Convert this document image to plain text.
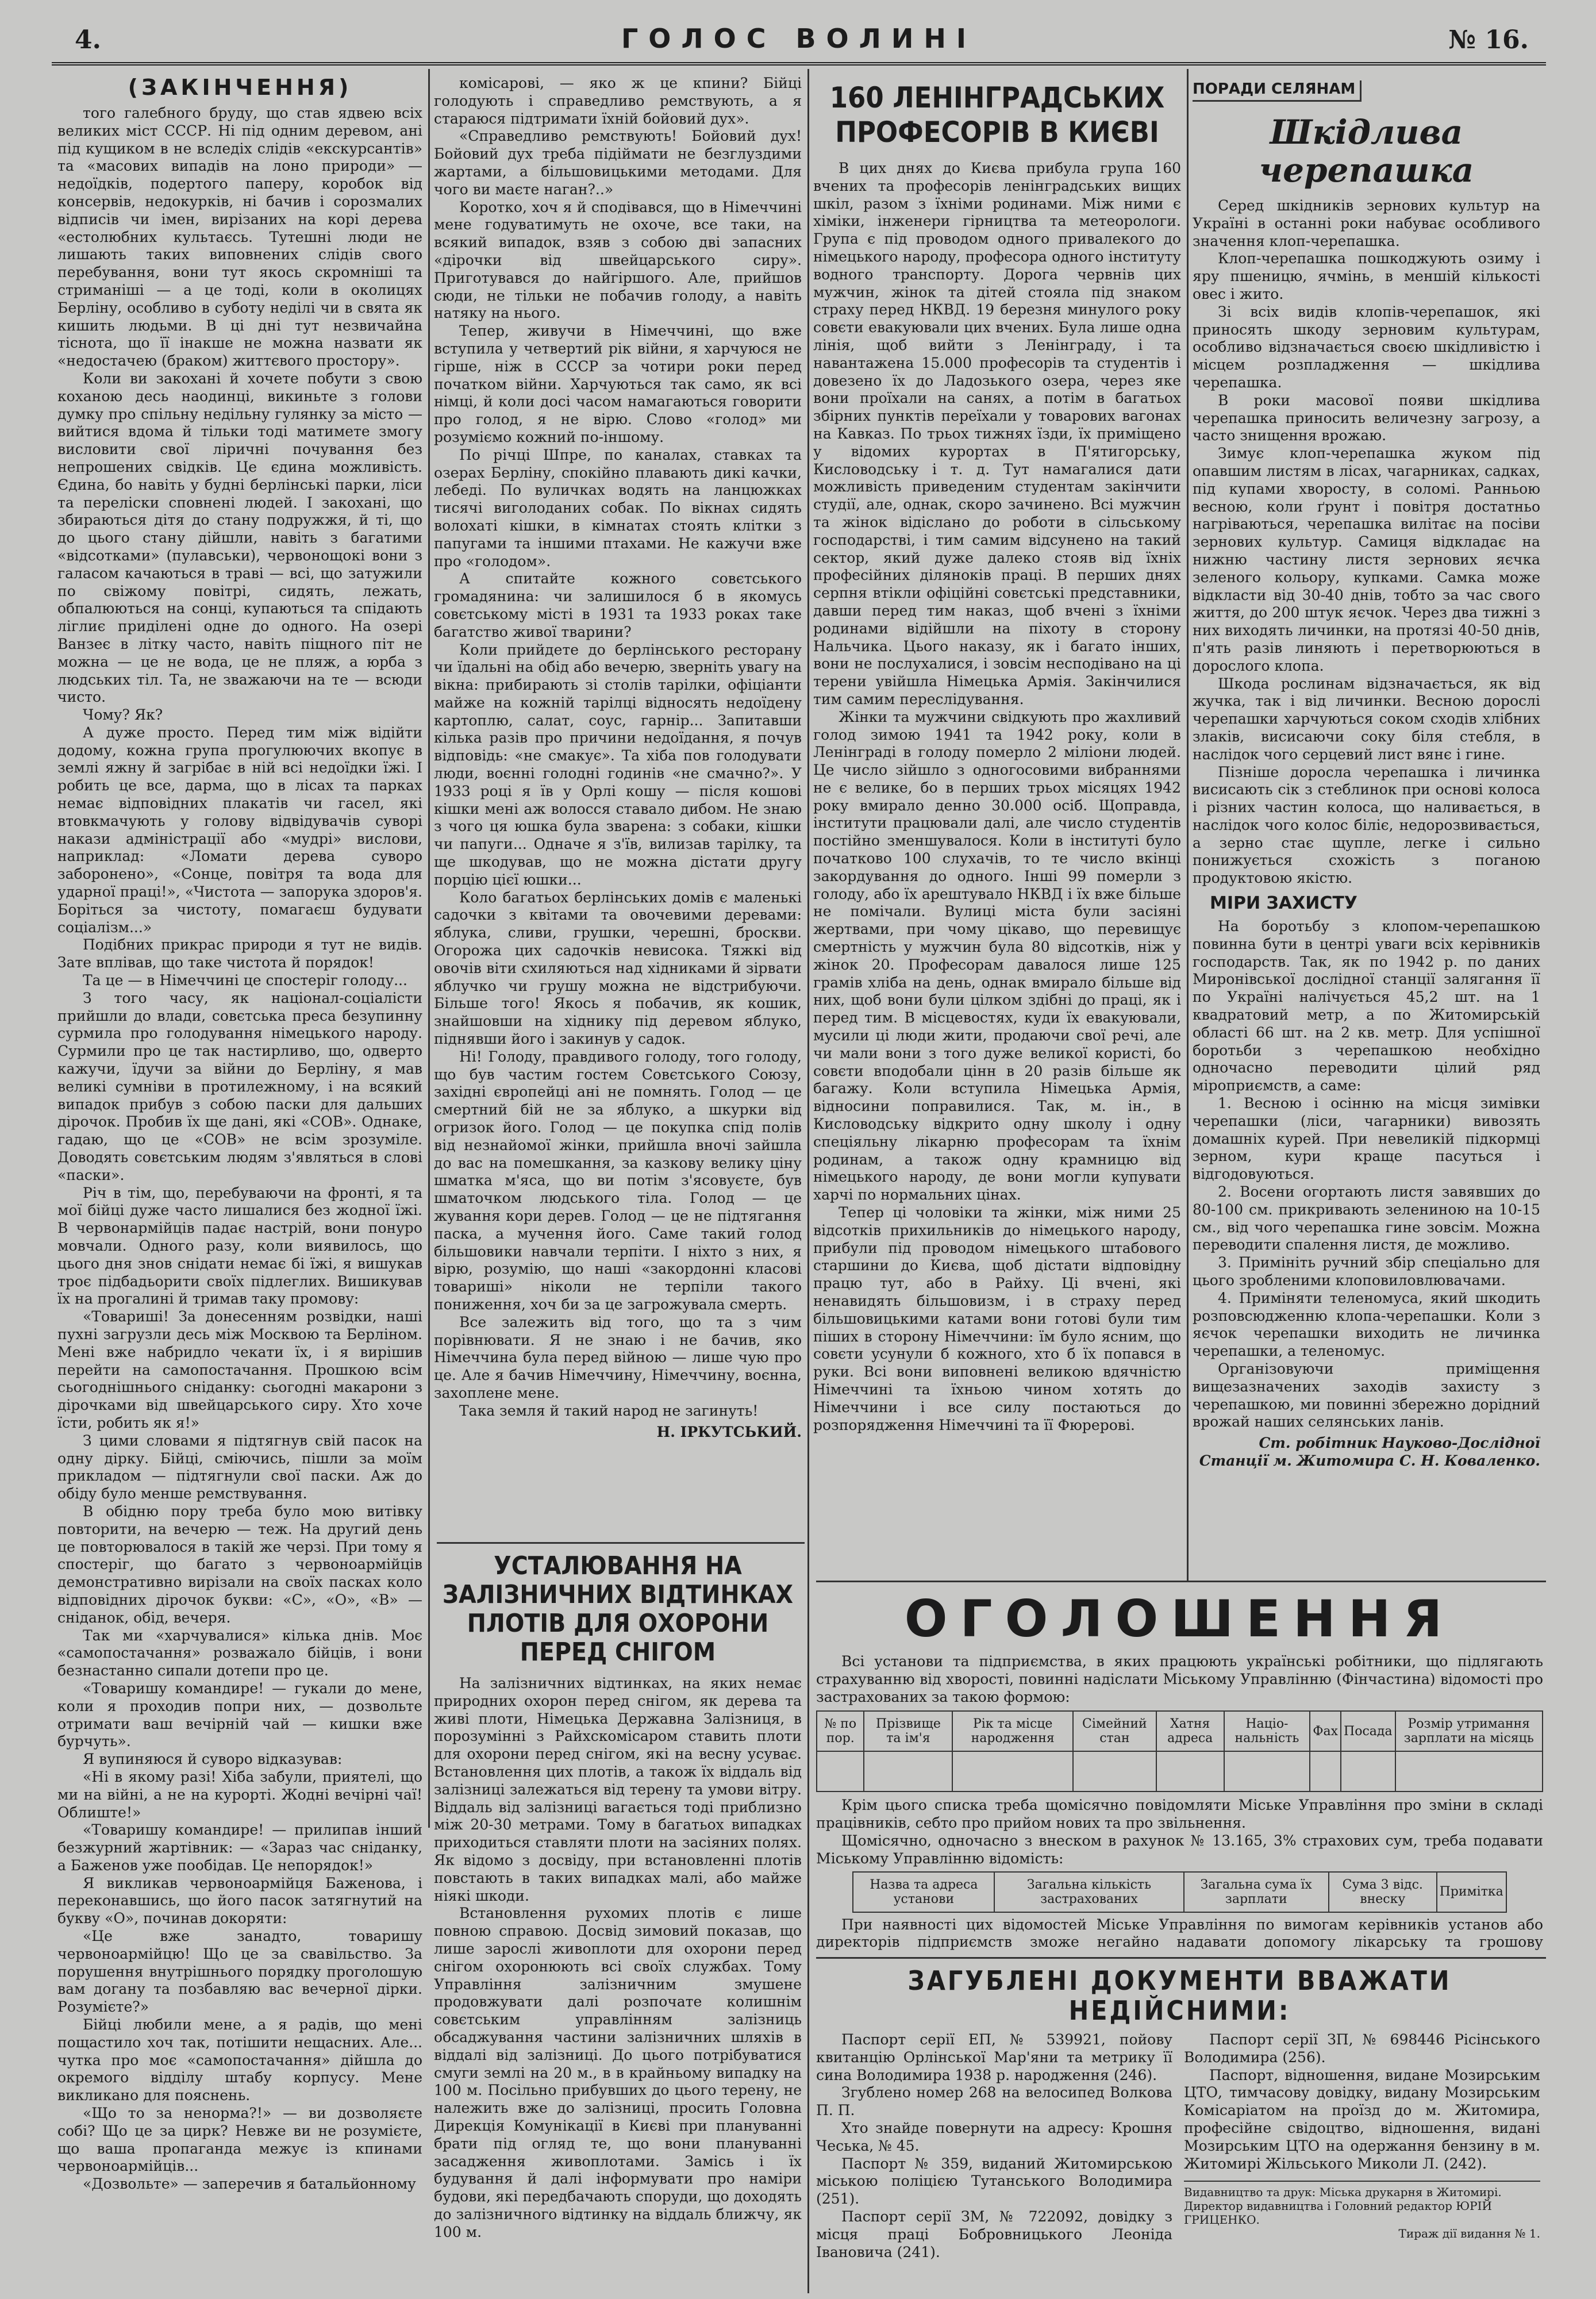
4.	ГОЛОС ВОЛИНІ	№ 16.
(ЗАКІНЧЕННЯ)

того галебного бруду, що став ядвею всіх великих міст СССР. Ні під одним деревом, ані під кущиком в не вследіх слідів «екскурсантів» та «масових випадів на лоно природи» — недоїдків, подертого паперу, коробок від консервів, недокурків, ні бачив і сорозмалих відписів чи імен, вирізаних на корі дерева «естолюбних культаєсь. Тутешні люди не лишають таких виповнених слідів свого перебування, вони тут якось скромніші та стриманіші — а це тоді, коли в околицях Берліну, особливо в суботу неділі чи в свята як кишить людьми. В ці дні тут незвичайна тіснота, що її інакше не можна назвати як «недостачею (браком) життєвого простору».

Коли ви закохані й хочете побути з свою коханою десь наодинці, викиньте з голови думку про спільну недільну гулянку за місто — вийтися вдома й тільки тоді матимете змогу висловити свої ліричні почування без непрошених свідків. Це єдина можливість. Єдина, бо навіть у будні берлінські парки, ліси та переліски сповнені людей. І закохані, що збираються дітя до стану подружжя, й ті, що до цього стану дійшли, навіть з багатими «відсотками» (пулавськи), червонощокі вони з галасом качаються в траві — всі, що затужили по свіжому повітрі, сидять, лежать, обпалюються на сонці, купаються та спідають ліглиє приділені одне до одного. На озері Ванзеє в літку часто, навіть піщного піт не можна — це не вода, це не пляж, а юрба з людських тіл. Та, не зважаючи на те — всюди чисто.

Чому? Як?

А дуже просто. Перед тим між відійти додому, кожна група прогулюючих вкопує в землі яжну й загрібає в ній всі недоїдки їжі. І робить це все, дарма, що в лісах та парках немає відповідних плакатів чи гасел, які втовкмачують у голову відвідувачів суворі накази адміністрації або «мудрі» вислови, наприклад: «Ломати дерева суворо заборонено», «Сонце, повітря та вода для ударної праці!», «Чистота — запорука здоров'я. Боріться за чистоту, помагаєш будувати соціалізм...»

Подібних прикрас природи я тут не видів. Зате вплівав, що таке чистота й порядок!

Та це — в Німеччині це спостеріг голоду...

З того часу, як націонал-соціалісти прийшли до влади, совєтська преса безупинну сурмила про голодування німецького народу. Сурмили про це так настирливо, що, одверто кажучи, їдучи за війни до Берліну, я мав великі сумніви в протилежному, і на всякий випадок прибув з собою паски для дальших дірочок. Пробив їх ще дані, які «СОВ». Однаке, гадаю, що це «СОВ» не всім зрозуміле. Доводять совєтським людям з'являться в слові «паски».

Річ в тім, що, перебуваючи на фронті, я та мої бійці дуже часто лишалися без жодної їжі. В червонармійців падає настрій, вони понуро мовчали. Одного разу, коли виявилось, що цього дня знов снідати немає бі їжі, я вишукав троє підбадьорити своїх підлеглих. Вишикував їх на прогалині й тримав таку промову:

«Товариші! За донесенням розвідки, наші пухні загрузли десь між Москвою та Берліном. Мені вже набридло чекати їх, і я вирішив перейти на самопостачання. Прошкою всім сьогоднішнього сніданку: сьогодні макарони з дірочками від швейцарського сиру. Хто хоче їсти, робить як я!»

З цими словами я підтягнув свій пасок на одну дірку. Бійці, сміючись, пішли за моїм прикладом — підтягнули свої паски. Аж до обіду було менше ремствування.

В обідню пору треба було мою витівку повторити, на вечерю — теж. На другий день це повторювалося в такій же черзі. При тому я спостеріг, що багато з червоноармійців демонстративно вирізали на своїх пасках коло відповідних дірочок букви: «С», «О», «В» — сніданок, обід, вечеря.

Так ми «харчувалися» кілька днів. Моє «самопостачання» розважало бійців, і вони безнастанно сипали дотепи про це.

«Товаришу командире! — гукали до мене, коли я проходив попри них, — дозвольте отримати ваш вечірній чай — кишки вже бурчуть».

Я вупиняюся й суворо відказував:

«Ні в якому разі! Хіба забули, приятелі, що ми на війні, а не на курорті. Жодні вечірні чаї! Облиште!»

«Товаришу командире! — прилипав інший безжурний жартівник: — «Зараз час сніданку, а Баженов уже пообідав. Це непорядок!»

Я викликав червоноармійця Баженова, і переконавшись, що його пасок затягнутий на букву «О», починав докоряти:

«Це вже занадто, товаришу червоноармійцю! Що це за свавільство. За порушення внутрішнього порядку проголошую вам догану та позбавляю вас вечерної дірки. Розумієте?»

Бійці любили мене, а я радів, що мені пощастило хоч так, потішити нещасних. Але... чутка про моє «самопостачання» дійшла до окремого відділу штабу корпусу. Мене викликано для пояснень.

«Що то за ненорма?!» — ви дозволяєте собі? Що це за цирк? Невже ви не розумієте, що ваша пропаганда межує із кпинами червоноармійців...

«Дозвольте» — заперечив я батальйонному

комісарові, — яко ж це кпини? Бійці голодують і справедливо ремствують, а я стараюся підтримати їхній бойовий дух».

«Справедливо ремствують! Бойовий дух! Бойовий дух треба підіймати не безглуздими жартами, а більшовицькими методами. Для чого ви маєте наган?..»

Коротко, хоч я й сподівався, що в Німеччині мене годуватимуть не охоче, все таки, на всякий випадок, взяв з собою дві запасних «дірочки від швейцарського сиру». Приготувався до найгіршого. Але, прийшов сюди, не тільки не побачив голоду, а навіть натяку на нього.

Тепер, живучи в Німеччині, що вже вступила у четвертий рік війни, я харчуюся не гірше, ніж в СССР за чотири роки перед початком війни. Харчуються так само, як всі німці, й коли досі часом намагаються говорити про голод, я не вірю. Слово «голод» ми розуміємо кожний по-іншому.

По річці Шпре, по каналах, ставках та озерах Берліну, спокійно плавають дикі качки, лебеді. По вуличках водять на ланцюжках тисячі виголоданих собак. По вікнах сидять волохаті кішки, в кімнатах стоять клітки з папугами та іншими птахами. Не кажучи вже про «голодом».

А спитайте кожного совєтського громадянина: чи залишилося б в якомусь совєтському місті в 1931 та 1933 роках таке багатство живої тварини?

Коли прийдете до берлінського ресторану чи їдальні на обід або вечерю, зверніть увагу на вікна: прибирають зі столів тарілки, офіціанти майже на кожній тарілці відносять недоїдену картоплю, салат, соус, гарнір... Запитавши кілька разів про причини недоїдання, я почув відповідь: «не смакує». Та хіба пов голодувати люди, воєнні голодні годинів «не смачно?». У 1933 році я їв у Орлі кошу — після кошові кішки мені аж волосся ставало дибом. Не знаю з чого ця юшка була зварена: з собаки, кішки чи папуги... Одначе я з'їв, вилизав тарілку, та ще шкодував, що не можна дістати другу порцію цієї юшки...

Коло багатьох берлінських домів є маленькі садочки з квітами та овочевими деревами: яблука, сливи, грушки, черешні, броскви. Огорожа цих садочків невисока. Тяжкі від овочів віти схиляються над хідниками й зірвати яблучко чи грушу можна не відстрибуючи. Більше того! Якось я побачив, як кошик, знайшовши на хіднику під деревом яблуко, піднявши його і закинув у садок.

Ні! Голоду, правдивого голоду, того голоду, що був частим гостем Совєтського Союзу, західні європейці ані не помнять. Голод — це смертний бій не за яблуко, а шкурки від огризок його. Голод — це покупка спід полів від незнайомої жінки, прийшла вночі зайшла до вас на помешкання, за казкову велику ціну шматка м'яса, що ви потім з'ясовуєте, був шматочком людського тіла. Голод — це жування кори дерев. Голод — це не підтягання паска, а мучення його. Саме такий голод більшовики навчали терпіти. І ніхто з них, я вірю, розумію, що наші «закордонні класові товариші» ніколи не терпіли такого пониження, хоч би за це загрожувала смерть.

Все залежить від того, що та з чим порівнювати. Я не знаю і не бачив, яко Німеччина була перед війною — лише чую про це. Але я бачив Німеччину, Німеччину, воєнна, захоплене мене.

Така земля й такий народ не загинуть!

Н. ІРКУТСЬКИЙ.
УСТАЛЮВАННЯ НА ЗАЛІЗНИЧНИХ ВІДТИНКАХ ПЛОТІВ ДЛЯ ОХОРОНИ ПЕРЕД СНІГОМ

На залізничних відтинках, на яких немає природних охорон перед снігом, як дерева та живі плоти, Німецька Державна Залізниця, в порозумінні з Райхскомісаром ставить плоти для охорони перед снігом, які на весну усуває. Встановлення цих плотів, а також їх віддаль від залізниці залежаться від терену та умови вітру. Віддаль від залізниці вагається тоді приблизно між 20-30 метрами. Тому в багатьох випадках приходиться ставляти плоти на засіяних полях. Як відомо з досвіду, при встановленні плотів повстають в таких випадках малі, або майже ніякі шкоди.

Встановлення рухомих плотів є лише повною справою. Досвід зимовий показав, що лише зарослі живоплоти для охорони перед снігом охоронюють всі своїх службах. Тому Управління залізничним змушене продовжувати далі розпочате колишнім совєтським управлінням залізниць обсаджування частини залізничних шляхів в віддалі від залізниці. До цього потрібуватися смуги землі на 20 м., в в крайньому випадку на 100 м. Посільно прибувших до цього терену, не належить вже до залізниці, просить Головна Дирекція Комунікації в Києві при плануванні брати під огляд те, що вони плануванні засадження живоплотами. Замісь і їх будування й далі інформувати про наміри будови, які передбачають споруди, що доходять до залізничного відтинку на віддаль ближчу, як 100 м.

160 ЛЕНІНГРАДСЬКИХ ПРОФЕСОРІВ В КИЄВІ

В цих днях до Києва прибула група 160 вчених та професорів ленінградських вищих шкіл, разом з їхніми родинами. Між ними є хіміки, інженери гірництва та метеорологи. Група є під проводом одного привалекого до німецького народу, професора одного інституту водного транспорту. Дорога червнів цих мужчин, жінок та дітей стояла під знаком страху перед НКВД. 19 березня минулого року совєти евакуювали цих вчених. Була лише одна лінія, щоб вийти з Ленінграду, і та навантажена 15.000 професорів та студентів і довезено їх до Ладозького озера, через яке вони проїхали на санях, а потім в багатьох збірних пунктів переїхали у товарових вагонах на Кавказ. По трьох тижнях їзди, їх приміщено у відомих курортах в П'ятигорську, Кисловодську і т. д. Тут намагалися дати можливість приведеним студентам закінчити студії, але, однак, скоро зачинено. Всі мужчин та жінок відіслано до роботи в сільському господарстві, і тим самим відсунено на такий сектор, який дуже далеко стояв від їхніх професійних діляноків праці. В перших днях серпня втікли офіційні совєтські представники, давши перед тим наказ, щоб вчені з їхніми родинами відійшли на піхоту в сторону Нальчика. Цього наказу, як і багато інших, вони не послухалися, і зовсім несподівано на ці терени увійшла Німецька Армія. Закінчилися тим самим переслідування.

Жінки та мужчини свідкують про жахливий голод зимою 1941 та 1942 року, коли в Ленінграді в голоду померло 2 міліони людей. Це число зійшло з одногосовими вибраннями не є велике, бо в перших трьох місяцях 1942 року вмирало денно 30.000 осіб. Щоправда, інститути працювали далі, але число студентів постійно зменшувалося. Коли в інституті було початково 100 слухачів, то те число вкінці закордування до одного. Інші 99 померли з голоду, або їх арештувало НКВД і їх вже більше не помічали. Вулиці міста були засіяні жертвами, при чому цікаво, що перевищує смертність у мужчин була 80 відсотків, ніж у жінок 20. Професорам давалося лише 125 грамів хліба на день, однак вмирало більше від них, щоб вони були цілком здібні до праці, як і перед тим. В місцевостях, куди їх евакуювали, мусили ці люди жити, продаючи свої речі, але чи мали вони з того дуже великої користі, бо совєти вподобали цінн в 20 разів більше як багажу. Коли вступила Німецька Армія, відносини поправилися. Так, м. ін., в Кисловодську відкрито одну школу і одну спеціяльну лікарню професорам та їхнім родинам, а також одну крамницю від німецького народу, де вони могли купувати харчі по нормальних цінах.

Тепер ці чоловіки та жінки, між ними 25 відсотків прихильників до німецького народу, прибули під проводом німецького штабового старшини до Києва, щоб дістати відповідну працю тут, або в Райху. Ці вчені, які ненавидять більшовизм, і в страху перед більшовицькими катами вони готові були тим піших в сторону Німеччини: їм було ясним, що совєти усунули б кожного, хто б їх попався в руки. Всі вони виповнені великою вдячністю Німеччині та їхньою чином хотять до Німеччини і все силу постаються до розпорядження Німеччині та її Фюрерові.

ПОРАДИ СЕЛЯНАМ
Шкідлива черепашка

Серед шкідників зернових культур на Україні в останні роки набуває особливого значення клоп-черепашка.

Клоп-черепашка пошкоджують озиму і яру пшеницю, ячмінь, в меншій кількості овес і жито.

Зі всіх видів клопів-черепашок, які приносять шкоду зерновим культурам, особливо відзначається своєю шкідливістю і місцем розпладження — шкідлива черепашка.

В роки масової появи шкідлива черепашка приносить величезну загрозу, а часто знищення врожаю.

Зимує клоп-черепашка жуком під опавшим листям в лісах, чагарниках, садках, під купами хворосту, в соломі. Ранньою весною, коли ґрунт і повітря достатньо нагріваються, черепашка вилітає на посіви зернових культур. Самиця відкладає на нижню частину листя зернових яєчка зеленого кольору, купками. Самка може відкласти від 30-40 днів, тобто за час свого життя, до 200 штук яєчок. Через два тижні з них виходять личинки, на протязі 40-50 днів, п'ять разів линяють і перетворюються в дорослого клопа.

Шкода рослинам відзначається, як від жучка, так і від личинки. Весною дорослі черепашки харчуються соком сходів хлібних злаків, висисаючи соку біля стебля, в наслідок чого серцевий лист вянє і гине.

Пізніше доросла черепашка і личинка висисають сік з стеблинок при основі колоса і різних частин колоса, що наливається, в наслідок чого колос біліє, недорозвивається, а зерно стає щупле, легке і сильно понижується схожість з поганою продуктовою якістю.

МІРИ ЗАХИСТУ

На боротьбу з клопом-черепашкою повинна бути в центрі уваги всіх керівників господарств. Так, як по 1942 р. по даних Миронівської дослідної станції залягання її по Україні налічується 45,2 шт. на 1 квадратовий метр, а по Житомирській області 66 шт. на 2 кв. метр. Для успішної боротьби з черепашкою необхідно одночасно переводити цілий ряд міроприємств, а саме:

1. Весною і осінню на місця зимівки черепашки (ліси, чагарники) вивозять домашніх курей. При невеликій підкормці зерном, кури краще пасуться і відгодовуються.

2. Восени огортають листя завявших до 80-100 см. прикривають зелениною на 10-15 см., від чого черепашка гине зовсім. Можна переводити спалення листя, де можливо.

3. Примініть ручний збір спеціально для цього зробленими клоповиловлювачами.

4. Приміняти теленомуса, який шкодить розповсюдженню клопа-черепашки. Коли з яєчок черепашки виходить не личинка черепашки, а теленомус.

Організовуючи приміщення вищезазначених заходів захисту з черепашкою, ми повинні збережно дорідний врожай наших селянських ланів.

Ст. робітник Науково-Дослідної Станції м. Житомира С. Н. Коваленко.
ОГОЛОШЕННЯ

Всі установи та підприємства, в яких працюють українські робітники, що підлягають страхуванню від хворості, повинні надіслати Міському Управлінню (Фінчастина) відомості про застрахованих за такою формою:

№ по пор.	Прізвище та ім'я	Рік та місце народження	Сімейний стан	Хатня адреса	Націо-нальність	Фах	Посада	Розмір утримання зарплати на місяць

Крім цього списка треба щомісячно повідомляти Міське Управління про зміни в складі працівників, себто про прийом нових та про звільнення.

Щомісячно, одночасно з внеском в рахунок № 13.165, 3% страхових сум, треба подавати Міському Управлінню відомість:

Назва та адреса установи	Загальна кількість застрахованих	Загальна сума їх зарплати	Сума 3 відс. внеску	Примітка

При наявності цих відомостей Міське Управління по вимогам керівників установ або директорів підприємств зможе негайно надавати допомогу лікарську та грошову

ЗАГУБЛЕНІ ДОКУМЕНТИ ВВАЖАТИ НЕДІЙСНИМИ:

Паспорт серії ЕП, № 539921, пойову квитанцію Орлінської Мар'яни та метрику її сина Володимира 1938 р. народження (246).

Згублено номер 268 на велосипед Волкова П. П.

Хто знайде повернути на адресу: Крошня Чеська, № 45.

Паспорт № 359, виданий Житомирською міською поліцією Тутанського Володимира (251).

Паспорт серії ЗМ, № 722092, довідку з місця праці Бобровницького Леоніда Івановича (241).

Паспорт серії ЗП, № 698446 Рісінського Володимира (256).

Паспорт, відношення, видане Мозирським ЦТО, тимчасову довідку, видану Мозирським Комісаріатом на проїзд до м. Житомира, професійне свідоцтво, відношення, видані Мозирським ЦТО на одержання бензину в м. Житомирі Жільського Миколи Л. (242).

Видавництво та друк: Міська друкарня в Житомирі.
Директор видавництва і Головний редактор ЮРІЙ ГРИЦЕНКО.
Тираж дії видання № 1.
